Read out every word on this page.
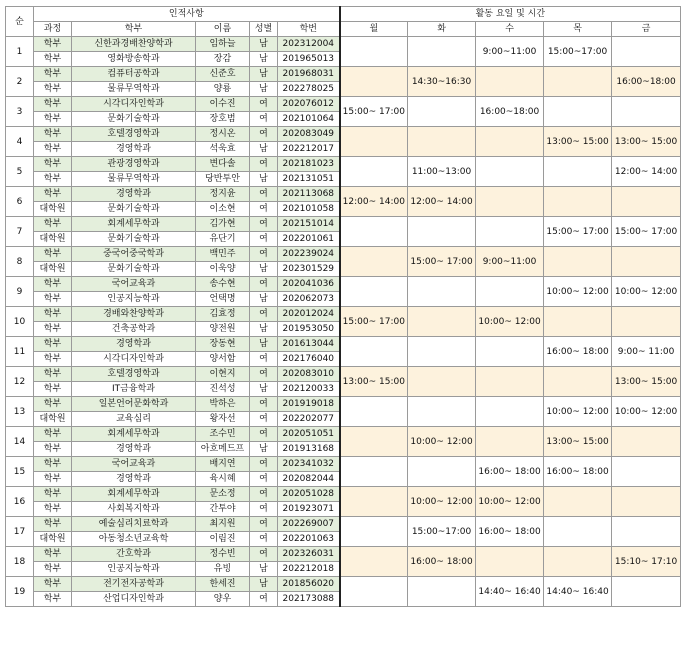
순	인적사항					활동 요일 및 시간				
	과정	학부	이름	성별	학번	월	화	수	목	금
1	학부	신한과경배찬양학과	임하늘	남	202312004			9:00~11:00	15:00~17:00	
	학부	영화방송학과	장감	남	201965013					
2	학부	컴퓨터공학과	신준호	남	201968031		14:30~16:30			16:00~18:00
	학부	물류무역학과	양룡	남	202278025					
3	학부	시각디자인학과	이수진	여	202076012	15:00~ 17:00		16:00~18:00		
	학부	문화기술학과	장호범	여	202101064					
4	학부	호텔경영학과	정시온	여	202083049				13:00~ 15:00	13:00~ 15:00
	학부	경영학과	석욱효	남	202212017					
5	학부	관광경영학과	변다솔	여	202181023		11:00~13:00			12:00~ 14:00
	학부	물류무역학과	당반투안	남	202131051					
6	학부	경영학과	정지윤	여	202113068	12:00~ 14:00	12:00~ 14:00			
	대학원	문화기술학과	이소현	여	202101058					
7	학부	회계세무학과	김가현	여	202151014				15:00~ 17:00	15:00~ 17:00
	대학원	문화기술학과	유단기	여	202201061					
8	학부	중국어중국학과	백민주	여	202239024		15:00~ 17:00	9:00~11:00		
	대학원	문화기술학과	이욱양	남	202301529					
9	학부	국어교육과	송수현	여	202041036				10:00~ 12:00	10:00~ 12:00
	학부	인공지능학과	언택명	남	202062073					
10	학부	경배와찬양학과	김효정	여	202012024	15:00~ 17:00		10:00~ 12:00		
	학부	건축공학과	양전원	남	201953050					
11	학부	경영학과	장동현	남	201613044				16:00~ 18:00	9:00~ 11:00
	학부	시각디자인학과	양서함	여	202176040					
12	학부	호텔경영학과	이현지	여	202083010	13:00~ 15:00				13:00~ 15:00
	학부	IT금융학과	진석성	남	202120033					
13	학부	일본언어문화학과	박하은	여	201919018				10:00~ 12:00	10:00~ 12:00
	대학원	교육심리	왕자선	여	202202077					
14	학부	회계세무학과	조수민	여	202051051		10:00~ 12:00		13:00~ 15:00	
	학부	경영학과	아흐메드프	남	201913168					
15	학부	국어교육과	배지연	여	202341032			16:00~ 18:00	16:00~ 18:00	
	학부	경영학과	육시혜	여	202082044					
16	학부	회계세무학과	문소정	여	202051028		10:00~ 12:00	10:00~ 12:00		
	학부	사회복지학과	간투야	여	201923071					
17	학부	예술심리치료학과	최지원	여	202269007		15:00~17:00	16:00~ 18:00		
	대학원	아동청소년교육학	이림진	여	202201063					
18	학부	간호학과	정수빈	여	202326031		16:00~ 18:00			15:10~ 17:10
	학부	인공지능학과	유빙	남	202212018					
19	학부	전기전자공학과	한세진	남	201856020			14:40~ 16:40	14:40~ 16:40	
	학부	산업디자인학과	양우	여	202173088					
